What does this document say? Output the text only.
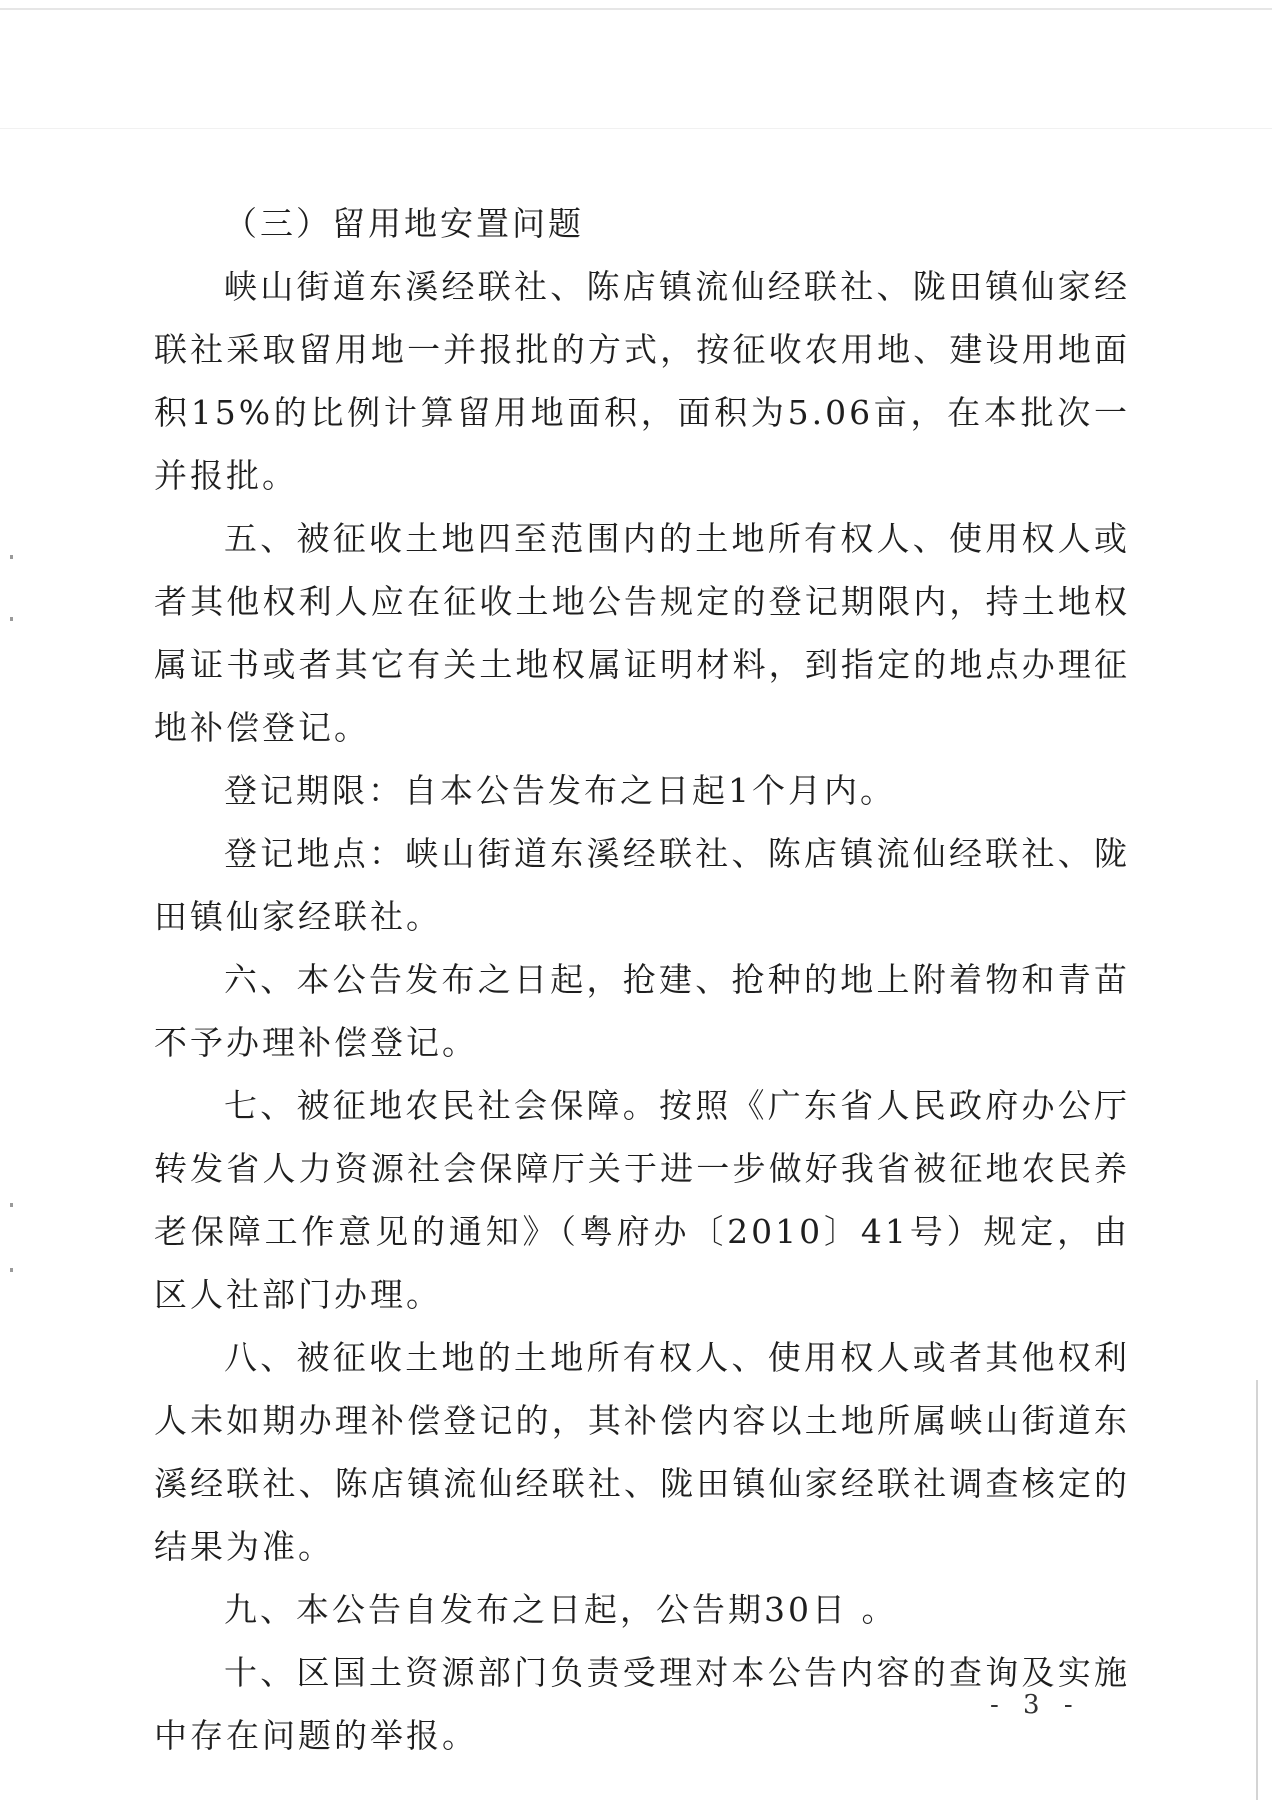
（三）留用地安置问题

峡山街道东溪经联社、陈店镇流仙经联社、陇田镇仙家经联社采取留用地一并报批的方式，按征收农用地、建设用地面积15%的比例计算留用地面积，面积为5.06亩，在本批次一并报批。

五、被征收土地四至范围内的土地所有权人、使用权人或者其他权利人应在征收土地公告规定的登记期限内，持土地权属证书或者其它有关土地权属证明材料，到指定的地点办理征地补偿登记。

登记期限：自本公告发布之日起1个月内。

登记地点：峡山街道东溪经联社、陈店镇流仙经联社、陇田镇仙家经联社。

六、本公告发布之日起，抢建、抢种的地上附着物和青苗不予办理补偿登记。

七、被征地农民社会保障。按照《广东省人民政府办公厅转发省人力资源社会保障厅关于进一步做好我省被征地农民养老保障工作意见的通知》（粤府办〔2010〕41号）规定，由区人社部门办理。

八、被征收土地的土地所有权人、使用权人或者其他权利人未如期办理补偿登记的，其补偿内容以土地所属峡山街道东溪经联社、陈店镇流仙经联社、陇田镇仙家经联社调查核定的结果为准。

九、本公告自发布之日起，公告期30日 。

十、区国土资源部门负责受理对本公告内容的查询及实施中存在问题的举报。

- 3 -
